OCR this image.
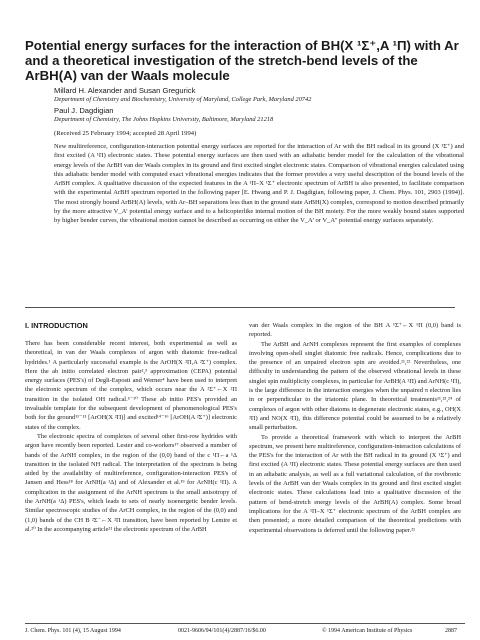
Potential energy surfaces for the interaction of BH(X ¹Σ⁺,A ¹Π) with Ar and a theoretical investigation of the stretch-bend levels of the ArBH(A) van der Waals molecule
Millard H. Alexander and Susan Gregurick
Department of Chemistry and Biochemistry, University of Maryland, College Park, Maryland 20742
Paul J. Dagdigian
Department of Chemistry, The Johns Hopkins University, Baltimore, Maryland 21218
(Received 25 February 1994; accepted 28 April 1994)

New multireference, configuration-interaction potential energy surfaces are reported for the interaction of Ar with the BH radical in its ground (X ¹Σ⁺) and first excited (A ¹Π) electronic states. These potential energy surfaces are then used with an adiabatic bender model for the calculation of the vibrational energy levels of the ArBH van der Waals complex in its ground and first excited singlet electronic states. Comparison of vibrational energies calculated using this adiabatic bender model with computed exact vibrational energies indicates that the former provides a very useful description of the bound levels of the ArBH complex. A qualitative discussion of the expected features in the A ¹Π–X ¹Σ⁺ electronic spectrum of ArBH is also presented, to facilitate comparison with the experimental ArBH spectrum reported in the following paper [E. Hwang and P. J. Dagdigian, following paper, J. Chem. Phys. 101, 2903 (1994)]. The most strongly bound ArBH(A) levels, with Ar–BH separations less than in the ground state ArBH(X) complex, correspond to motion described primarily by the more attractive V_A' potential energy surface and to a helicopterlike internal motion of the BH moiety. For the more weakly bound states supported by higher bender curves, the vibrational motion cannot be described as occurring on either the V_A' or V_A'' potential energy surfaces separately.

I. INTRODUCTION

There has been considerable recent interest, both experimental as well as theoretical, in van der Waals complexes of argon with diatomic free-radical hydrides.¹ A particularly successful example is the ArOH(X ²Π,A ²Σ⁺) complex. Here the ab initio correlated electron pair²,³ approximation (CEPA) potential energy surfaces (PES's) of Degli-Esposti and Werner⁴ have been used to interpret the electronic spectrum of the complex, which occurs near the A ²Σ⁺←X ²Π transition in the isolated OH radical.⁵⁻¹⁰ These ab initio PES's provided an invaluable template for the subsequent development of phenomenological PES's both for the ground¹¹⁻¹³ [ArOH(X ²Π)] and excited¹⁴⁻¹⁶ [ArOH(A ²Σ⁺)] electronic states of the complex.

The electronic spectra of complexes of several other first-row hydrides with argon have recently been reported. Lester and co-workers¹⁷ observed a number of bands of the ArNH complex, in the region of the (0,0) band of the c ¹Π←a ¹Δ transition in the isolated NH radical. The interpretation of the spectrum is being aided by the availability of multireference, configuration-interaction PES's of Jansen and Hess¹⁸ for ArNH(a ¹Δ) and of Alexander et al.¹⁹ for ArNH(c ¹Π). A complication in the assignment of the ArNH spectrum is the small anisotropy of the ArNH(a ¹Δ) PES's, which leads to sets of nearly isoenergetic bender levels. Similar spectroscopic studies of the ArCH complex, in the region of the (0,0) and (1,0) bands of the CH B ²Σ⁻←X ²Π transition, have been reported by Lemire et al.²⁰ In the accompanying article²¹ the electronic spectrum of the ArBH

van der Waals complex in the region of the BH A ¹Σ⁺←X ¹Π (0,0) band is reported.

The ArBH and ArNH complexes represent the first examples of complexes involving open-shell singlet diatomic free radicals. Hence, complications due to the presence of an unpaired electron spin are avoided.¹¹,²² Nevertheless, one difficulty in understanding the pattern of the observed vibrational levels in these singlet spin multiplicity complexes, in particular for ArBH(A ¹Π) and ArNH(c ¹Π), is the large difference in the interaction energies when the unpaired π electron lies in or perpendicular to the triatomic plane. In theoretical treatments¹¹,²³,²⁴ of complexes of argon with other diatoms in degenerate electronic states, e.g., OH(X ²Π) and NO(X ²Π), this difference potential could be assumed to be a relatively small perturbation.

To provide a theoretical framework with which to interpret the ArBH spectrum, we present here multireference, configuration-interaction calculations of the PES's for the interaction of Ar with the BH radical in its ground (X ¹Σ⁺) and first excited (A ¹Π) electronic states. These potential energy surfaces are then used in an adiabatic analysis, as well as a full variational calculation, of the rovibronic levels of the ArBH van der Waals complex in its ground and first excited singlet electronic states. These calculations lead into a qualitative discussion of the pattern of bend-stretch energy levels of the ArBH(A) complex. Some broad implications for the A ¹Π–X ¹Σ⁺ electronic spectrum of the ArBH complex are then presented; a more detailed comparison of the theoretical predictions with experimental observations is deferred until the following paper.²¹

J. Chem. Phys. 101 (4), 15 August 1994	0021-9606/94/101(4)/2887/16/$6.00	© 1994 American Institute of Physics	2887
